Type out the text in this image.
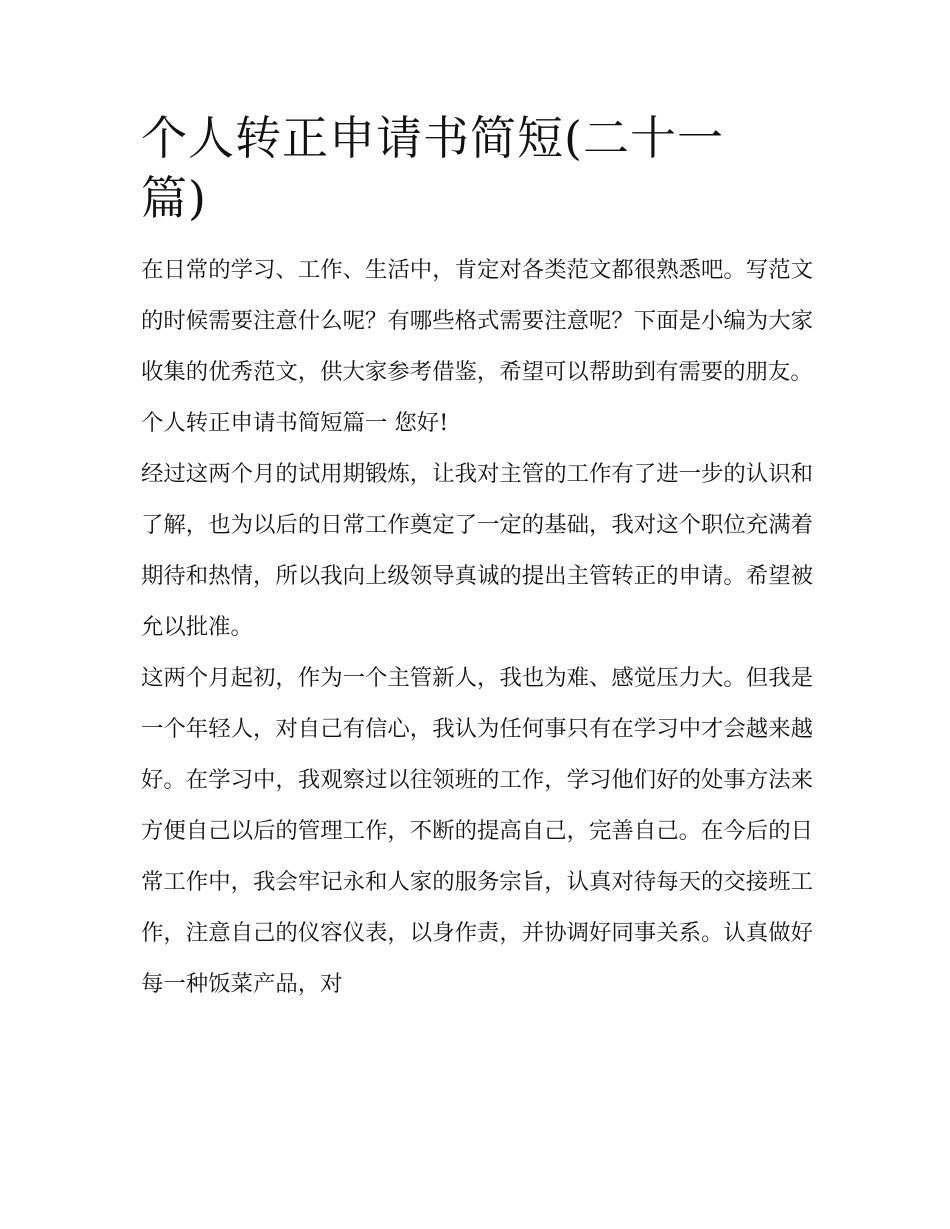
个人转正申请书简短(二十一篇)

在日常的学习、工作、生活中，肯定对各类范文都很熟悉吧。写范文的时候需要注意什么呢？有哪些格式需要注意呢？下面是小编为大家收集的优秀范文，供大家参考借鉴，希望可以帮助到有需要的朋友。

个人转正申请书简短篇一 您好!

经过这两个月的试用期锻炼，让我对主管的工作有了进一步的认识和了解，也为以后的日常工作奠定了一定的基础，我对这个职位充满着期待和热情，所以我向上级领导真诚的提出主管转正的申请。希望被允以批准。

这两个月起初，作为一个主管新人，我也为难、感觉压力大。但我是一个年轻人，对自己有信心，我认为任何事只有在学习中才会越来越好。在学习中，我观察过以往领班的工作，学习他们好的处事方法来方便自己以后的管理工作，不断的提高自己，完善自己。在今后的日常工作中，我会牢记永和人家的服务宗旨，认真对待每天的交接班工作，注意自己的仪容仪表，以身作责，并协调好同事关系。认真做好每一种饭菜产品，对
